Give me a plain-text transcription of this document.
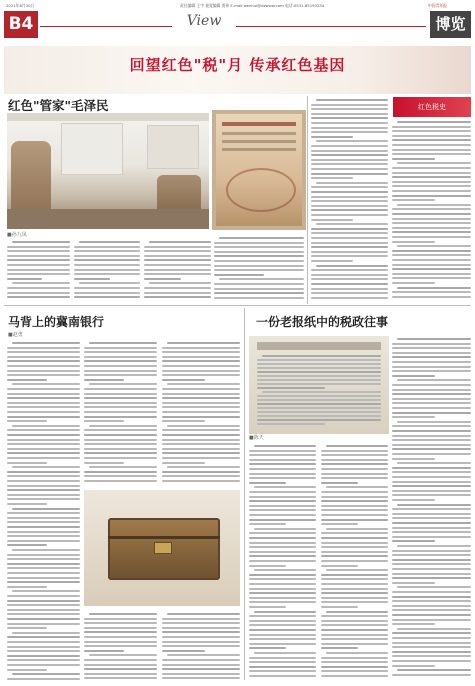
2021年6月30日	责任编辑 王宇 视觉编辑 贾伟 E-mail:wenhui@dzwww.com 电话:0531-85193234	中国青年报
B4	View	博览
回望红色"税"月 传承红色基因
红色"管家"毛泽民
■孙九凤
红色税史
马背上的冀南银行
■赵勇
一份老报纸中的税政往事
■陈天
